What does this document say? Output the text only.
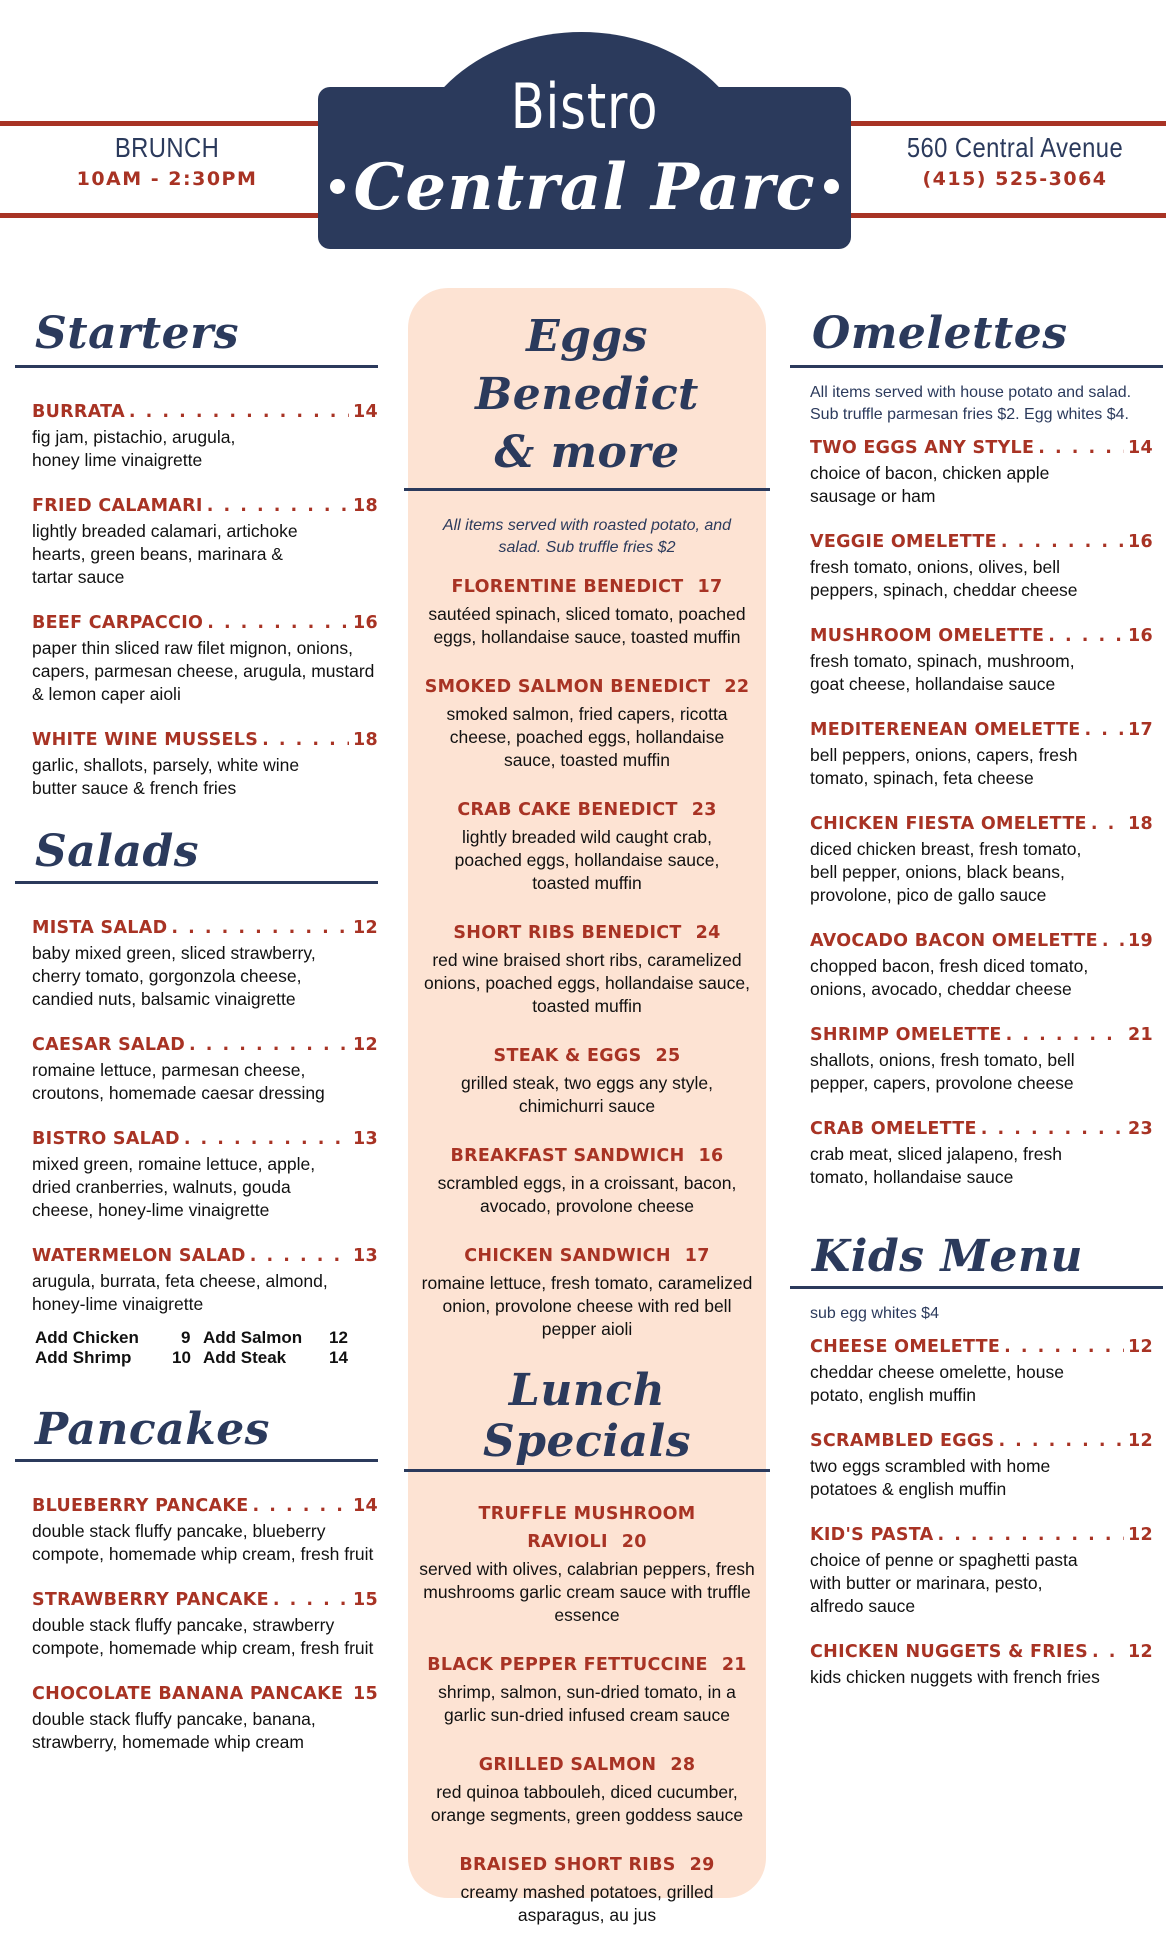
BRUNCH
10AM - 2:30PM
560 Central Avenue
(415) 525-3064
Bistro
Central Parc
Starters
BURRATA . . .	14
fig jam, pistachio, arugula, honey lime vinaigrette
FRIED CALAMARI . . .	18
lightly breaded calamari, artichoke hearts, green beans, marinara & tartar sauce
BEEF CARPACCIO . . .	16
paper thin sliced raw filet mignon, onions, capers, parmesan cheese, arugula, mustard & lemon caper aioli
WHITE WINE MUSSELS . . .	18
garlic, shallots, parsely, white wine butter sauce & french fries
Salads
MISTA SALAD . . .	12
baby mixed green, sliced strawberry, cherry tomato, gorgonzola cheese, candied nuts, balsamic vinaigrette
CAESAR SALAD . . .	12
romaine lettuce, parmesan cheese, croutons, homemade caesar dressing
BISTRO SALAD . . .	13
mixed green, romaine lettuce, apple, dried cranberries, walnuts, gouda cheese, honey-lime vinaigrette
WATERMELON SALAD . . .	13
arugula, burrata, feta cheese, almond, honey-lime vinaigrette
Add Chicken	9 Add Salmon	12
Add Shrimp	10 Add Steak	14
Pancakes
BLUEBERRY PANCAKE . . .	14
double stack fluffy pancake, blueberry compote, homemade whip cream, fresh fruit
STRAWBERRY PANCAKE . . .	15
double stack fluffy pancake, strawberry compote, homemade whip cream, fresh fruit
CHOCOLATE BANANA PANCAKE 15
double stack fluffy pancake, banana, strawberry, homemade whip cream
Eggs Benedict
& more
All items served with roasted potato, and salad. Sub truffle fries $2
FLORENTINE BENEDICT 17
sautéed spinach, sliced tomato, poached eggs, hollandaise sauce, toasted muffin
SMOKED SALMON BENEDICT 22
smoked salmon, fried capers, ricotta cheese, poached eggs, hollandaise sauce, toasted muffin
CRAB CAKE BENEDICT 23
lightly breaded wild caught crab, poached eggs, hollandaise sauce, toasted muffin
SHORT RIBS BENEDICT 24
red wine braised short ribs, caramelized onions, poached eggs, hollandaise sauce, toasted muffin
STEAK & EGGS 25
grilled steak, two eggs any style, chimichurri sauce
BREAKFAST SANDWICH 16
scrambled eggs, in a croissant, bacon, avocado, provolone cheese
CHICKEN SANDWICH 17
romaine lettuce, fresh tomato, caramelized onion, provolone cheese with red bell pepper aioli
Lunch Specials
TRUFFLE MUSHROOM RAVIOLI 20
served with olives, calabrian peppers, fresh mushrooms garlic cream sauce with truffle essence
BLACK PEPPER FETTUCCINE 21
shrimp, salmon, sun-dried tomato, in a garlic sun-dried infused cream sauce
GRILLED SALMON 28
red quinoa tabbouleh, diced cucumber, orange segments, green goddess sauce
BRAISED SHORT RIBS 29
creamy mashed potatoes, grilled asparagus, au jus
Omelettes
All items served with house potato and salad. Sub truffle parmesan fries $2. Egg whites $4.
TWO EGGS ANY STYLE . . .	14
choice of bacon, chicken apple sausage or ham
VEGGIE OMELETTE . . .	16
fresh tomato, onions, olives, bell peppers, spinach, cheddar cheese
MUSHROOM OMELETTE . . .	16
fresh tomato, spinach, mushroom, goat cheese, hollandaise sauce
MEDITERENEAN OMELETTE . . .	17
bell peppers, onions, capers, fresh tomato, spinach, feta cheese
CHICKEN FIESTA OMELETTE . . . 18
diced chicken breast, fresh tomato, bell pepper, onions, black beans, provolone, pico de gallo sauce
AVOCADO BACON OMELETTE . . . 19
chopped bacon, fresh diced tomato, onions, avocado, cheddar cheese
SHRIMP OMELETTE . . .	21
shallots, onions, fresh tomato, bell pepper, capers, provolone cheese
CRAB OMELETTE . . .	23
crab meat, sliced jalapeno, fresh tomato, hollandaise sauce
Kids Menu
sub egg whites $4
CHEESE OMELETTE . . .	12
cheddar cheese omelette, house potato, english muffin
SCRAMBLED EGGS . . .	12
two eggs scrambled with home potatoes & english muffin
KID'S PASTA . . .	12
choice of penne or spaghetti pasta with butter or marinara, pesto, alfredo sauce
CHICKEN NUGGETS & FRIES . . . 12
kids chicken nuggets with french fries
